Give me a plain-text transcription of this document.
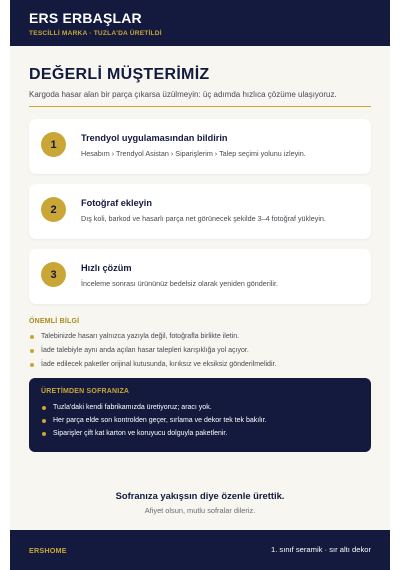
ERS ERBAŞLAR
TESCİLLİ MARKA · TUZLA'DA ÜRETİLDİ
DEĞERLİ MÜŞTERİMİZ
Kargoda hasar alan bir parça çıkarsa üzülmeyin: üç adımda hızlıca çözüme ulaşıyoruz.
1
Trendyol uygulamasından bildirin
Hesabım › Trendyol Asistan › Siparişlerim › Talep seçimi yolunu izleyin.
2
Fotoğraf ekleyin
Dış koli, barkod ve hasarlı parça net görünecek şekilde 3–4 fotoğraf yükleyin.
3
Hızlı çözüm
İnceleme sonrası ürününüz bedelsiz olarak yeniden gönderilir.
ÖNEMLİ BİLGİ
Talebinizde hasarı yalnızca yazıyla değil, fotoğrafla birlikte iletin.
İade talebiyle aynı anda açılan hasar talepleri karışıklığa yol açıyor.
İade edilecek paketler orijinal kutusunda, kırıksız ve eksiksiz gönderilmelidir.
ÜRETİMDEN SOFRANIZA
Tuzla'daki kendi fabrikamızda üretiyoruz; aracı yok.
Her parça elde son kontrolden geçer, sırlama ve dekor tek tek bakılır.
Siparişler çift kat karton ve koruyucu dolguyla paketlenir.
Sofranıza yakışsın diye özenle ürettik.
Afiyet olsun, mutlu sofralar dileriz.
ERSHOME	1. sınıf seramik · sır altı dekor
